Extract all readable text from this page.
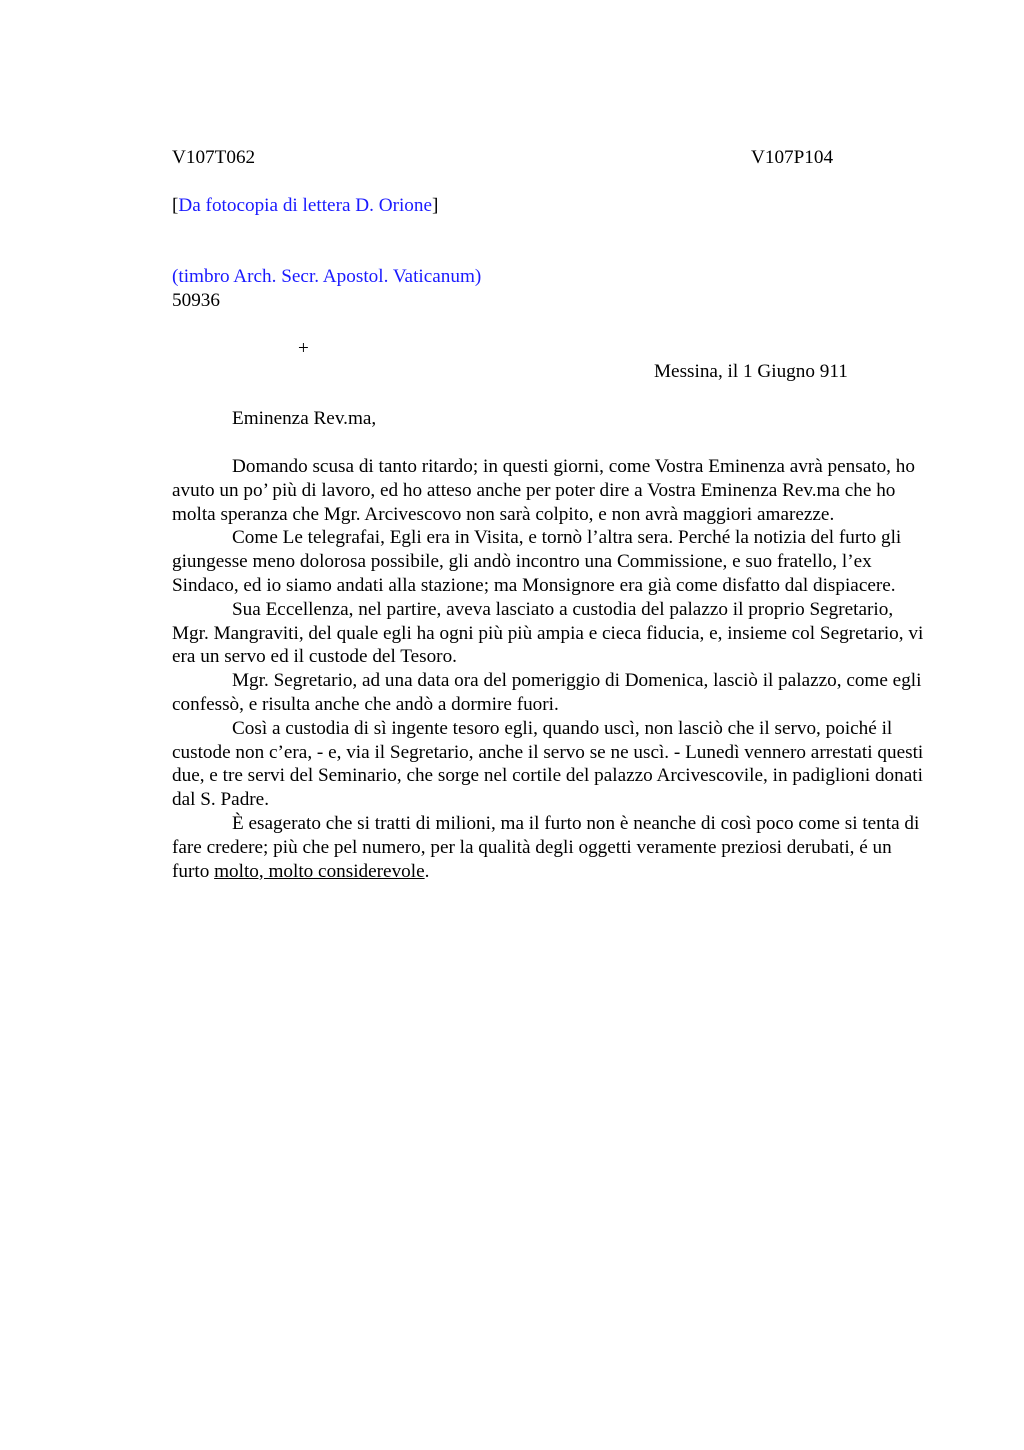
V107T062	V107P104
[Da fotocopia di lettera D. Orione]
(timbro Arch. Secr. Apostol. Vaticanum)
50936
+
Messina, il 1 Giugno 911
Eminenza Rev.ma,

Domando scusa di tanto ritardo; in questi giorni, come Vostra Eminenza avrà pensato, ho avuto un po’ più di lavoro, ed ho atteso anche per poter dire a Vostra Eminenza Rev.ma che ho molta speranza che Mgr. Arcivescovo non sarà colpito, e non avrà maggiori amarezze.

Come Le telegrafai, Egli era in Visita, e tornò l’altra sera. Perché la notizia del furto gli giungesse meno dolorosa possibile, gli andò incontro una Commissione, e suo fratello, l’ex Sindaco, ed io siamo andati alla stazione; ma Monsignore era già come disfatto dal dispiacere.

Sua Eccellenza, nel partire, aveva lasciato a custodia del palazzo il proprio Segretario, Mgr. Mangraviti, del quale egli ha ogni più più ampia e cieca fiducia, e, insieme col Segretario, vi era un servo ed il custode del Tesoro.

Mgr. Segretario, ad una data ora del pomeriggio di Domenica, lasciò il palazzo, come egli confessò, e risulta anche che andò a dormire fuori.

Così a custodia di sì ingente tesoro egli, quando uscì, non lasciò che il servo, poiché il custode non c’era, - e, via il Segretario, anche il servo se ne uscì. - Lunedì vennero arrestati questi due, e tre servi del Seminario, che sorge nel cortile del palazzo Arcivescovile, in padiglioni donati dal S. Padre.

È esagerato che si tratti di milioni, ma il furto non è neanche di così poco come si tenta di fare credere; più che pel numero, per la qualità degli oggetti veramente preziosi derubati, é un furto molto, molto considerevole.
